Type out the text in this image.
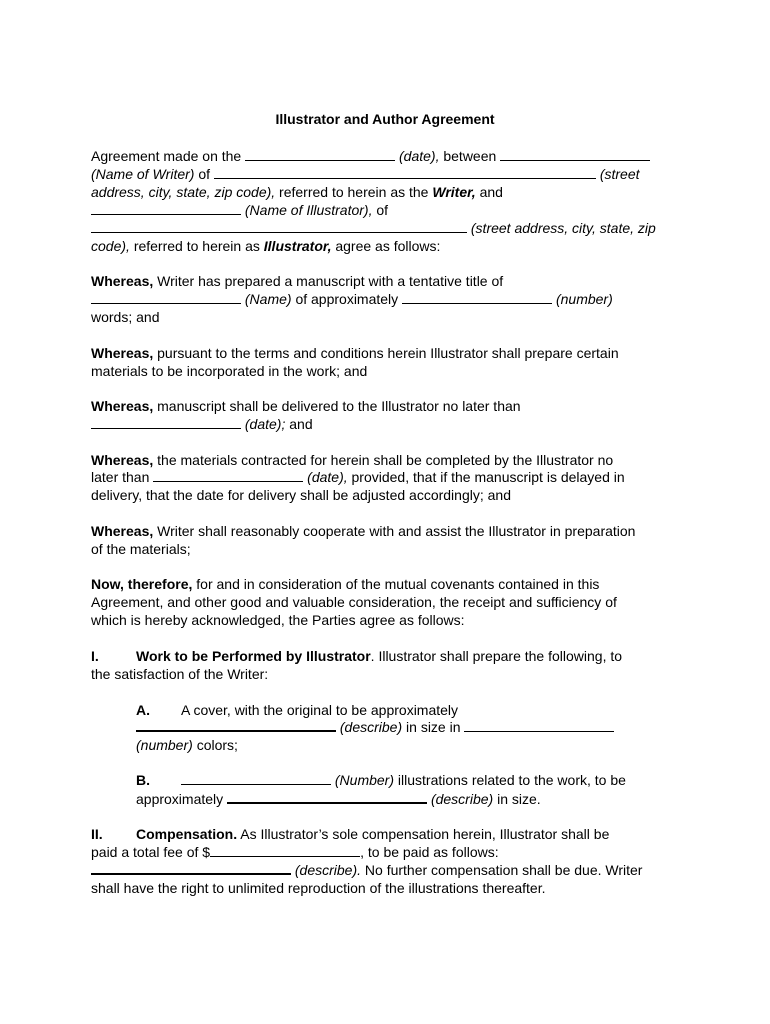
Illustrator and Author Agreement
Agreement made on the	(date), between
(Name of Writer) of	(street
address, city, state, zip code), referred to herein as the Writer, and
(Name of Illustrator), of
(street address, city, state, zip
code), referred to herein as Illustrator, agree as follows:
Whereas, Writer has prepared a manuscript with a tentative title of
(Name) of approximately	(number)
words; and
Whereas, pursuant to the terms and conditions herein Illustrator shall prepare certain
materials to be incorporated in the work; and
Whereas, manuscript shall be delivered to the Illustrator no later than
(date); and
Whereas, the materials contracted for herein shall be completed by the Illustrator no
later than	(date), provided, that if the manuscript is delayed in
delivery, that the date for delivery shall be adjusted accordingly; and
Whereas, Writer shall reasonably cooperate with and assist the Illustrator in preparation
of the materials;
Now, therefore, for and in consideration of the mutual covenants contained in this
Agreement, and other good and valuable consideration, the receipt and sufficiency of
which is hereby acknowledged, the Parties agree as follows:
I.	Work to be Performed by Illustrator. Illustrator shall prepare the following, to
the satisfaction of the Writer:
A. A cover, with the original to be approximately
(describe) in size in
(number) colors;
B.	(Number) illustrations related to the work, to be
approximately	(describe) in size.
II. Compensation. As Illustrator’s sole compensation herein, Illustrator shall be
paid a total fee of $	, to be paid as follows:
(describe). No further compensation shall be due. Writer
shall have the right to unlimited reproduction of the illustrations thereafter.
